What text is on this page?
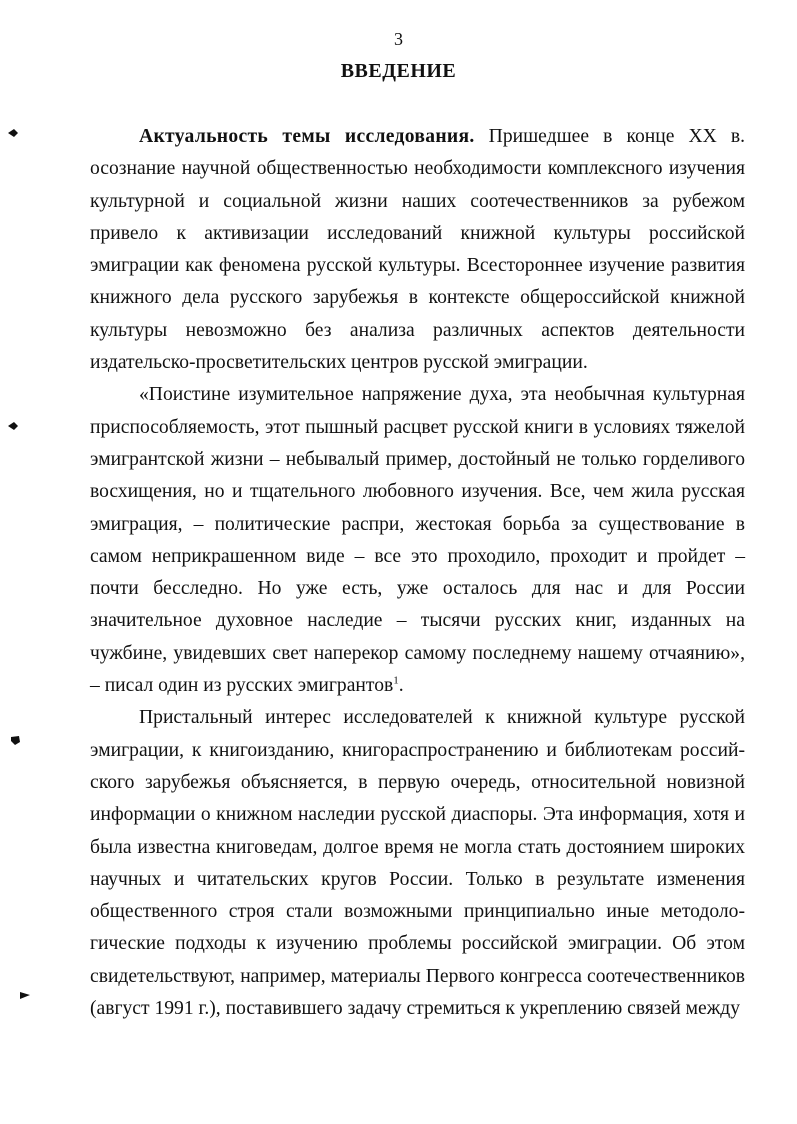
3
ВВЕДЕНИЕ

Актуальность темы исследования. Пришедшее в конце XX в. осознание научной общественностью необходимости комплексного изучения культурной и социальной жизни наших соотечественников за рубежом привело к активизации исследований книжной культуры российской эмиграции как феномена русской культуры. Всестороннее изучение развития книжного дела русского зарубежья в контексте общероссийской книжной культуры невозможно без анализа различных аспектов деятельности издательско-просветительских центров русской эмиграции.

«Поистине изумительное напряжение духа, эта необычная культурная приспособляемость, этот пышный расцвет русской книги в условиях тяжелой эмигрантской жизни – небывалый пример, достойный не только горделивого восхищения, но и тщательного любовного изучения. Все, чем жила русская эмиграция, – политические распри, жестокая борьба за существование в самом неприкрашенном виде – все это проходило, проходит и пройдет – почти бесследно. Но уже есть, уже осталось для нас и для России значительное духовное наследие – тысячи русских книг, изданных на чужбине, увидевших свет наперекор самому последнему нашему отчаянию», – писал один из русских эмигрантов$^1$.

Пристальный интерес исследователей к книжной культуре русской эмиграции, к книгоизданию, книгораспространению и библиотекам российского зарубежья объясняется, в первую очередь, относительной новизной информации о книжном наследии русской диаспоры. Эта информация, хотя и была известна книговедам, долгое время не могла стать достоянием широких научных и читательских кругов России. Только в результате изменения общественного строя стали возможными принципиально иные методологические подходы к изучению проблемы российской эмиграции. Об этом свидетельствуют, например, материалы Первого конгресса соотечественников (август 1991 г.), поставившего задачу стремиться к укреплению связей между
